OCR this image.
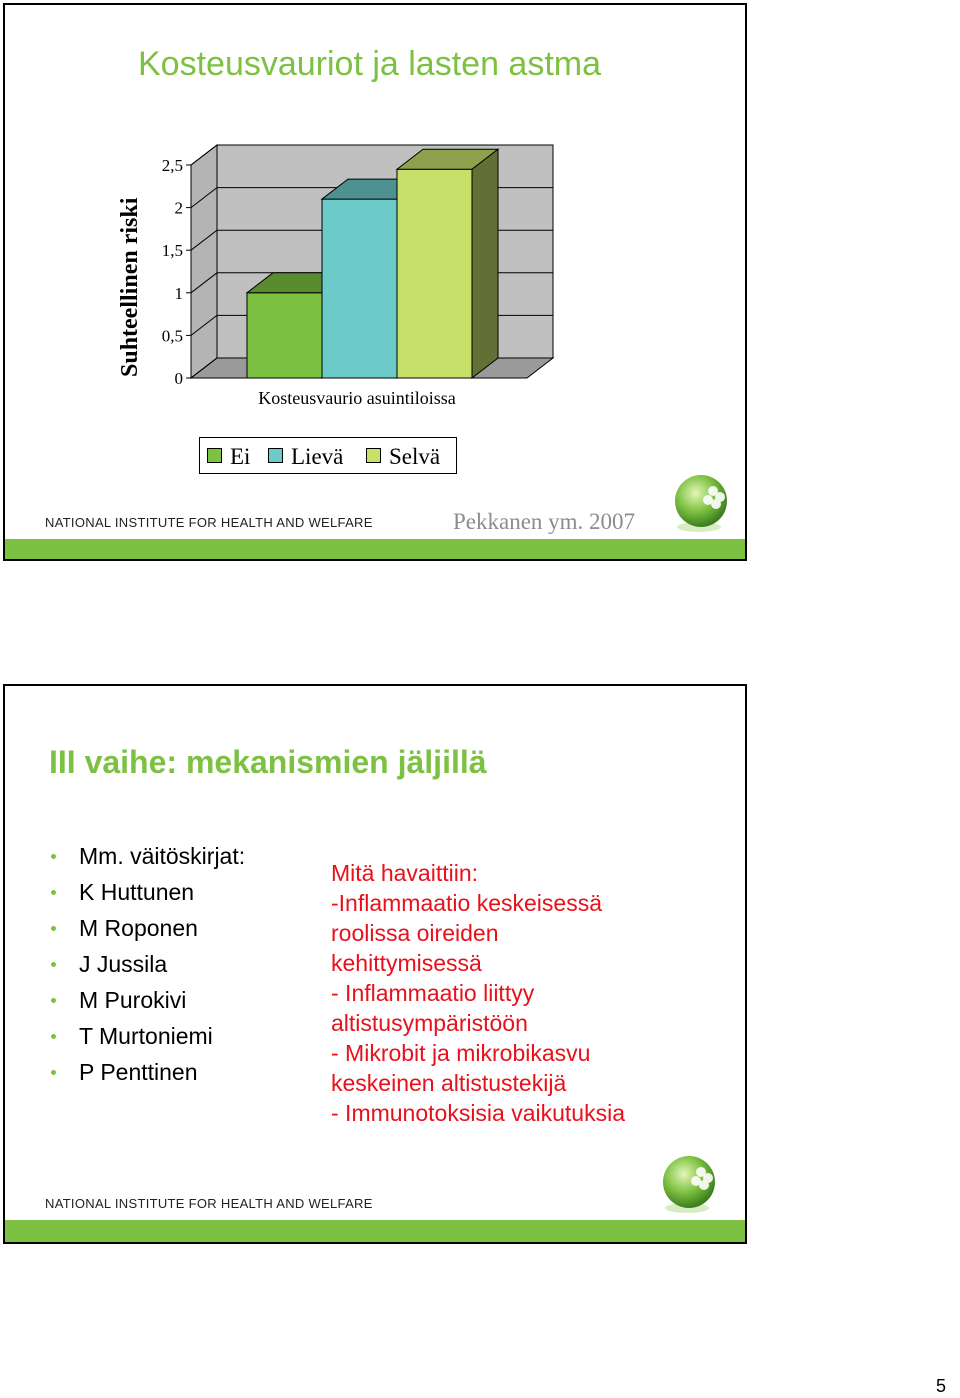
Kosteusvauriot ja lasten astma
0
0,5
1
1,5
2
2,5
Suhteellinen riski
Kosteusvaurio asuintiloissa
Ei Lievä Selvä
NATIONAL INSTITUTE FOR HEALTH AND WELFARE	Pekkanen ym. 2007
III vaihe: mekanismien jäljillä
Mm. väitöskirjat:
K Huttunen
M Roponen
J Jussila
M Purokivi
T Murtoniemi
P Penttinen
Mitä havaittiin:
-Inflammaatio keskeisessä
roolissa oireiden
kehittymisessä
- Inflammaatio liittyy
altistusympäristöön
- Mikrobit ja mikrobikasvu
keskeinen altistustekijä
- Immunotoksisia vaikutuksia
NATIONAL INSTITUTE FOR HEALTH AND WELFARE
5
